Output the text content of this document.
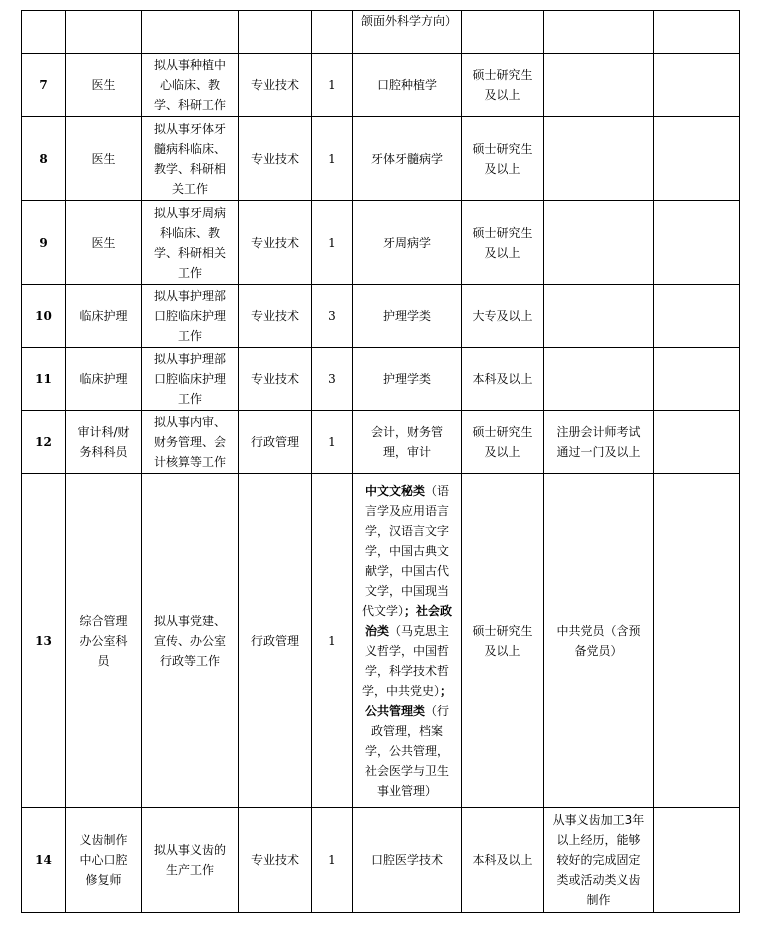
					颌面外科学方向）			
7	医生	拟从事种植中心临床、教学、科研工作	专业技术	1	口腔种植学	硕士研究生及以上		
8	医生	拟从事牙体牙髓病科临床、教学、科研相关工作	专业技术	1	牙体牙髓病学	硕士研究生及以上		
9	医生	拟从事牙周病科临床、教学、科研相关工作	专业技术	1	牙周病学	硕士研究生及以上		
10	临床护理	拟从事护理部口腔临床护理工作	专业技术	3	护理学类	大专及以上		
11	临床护理	拟从事护理部口腔临床护理工作	专业技术	3	护理学类	本科及以上		
12	审计科/财务科科员	拟从事内审、财务管理、会计核算等工作	行政管理	1	会计，财务管理，审计	硕士研究生及以上	注册会计师考试通过一门及以上	
13	综合管理办公室科员	拟从事党建、宣传、办公室行政等工作	行政管理	1	中文文秘类（语言学及应用语言学，汉语言文字学，中国古典文献学，中国古代文学，中国现当代文学）；社会政治类（马克思主义哲学，中国哲学，科学技术哲学，中共党史）；公共管理类（行政管理，档案学，公共管理，社会医学与卫生事业管理）	硕士研究生及以上	中共党员（含预备党员）	
14	义齿制作中心口腔修复师	拟从事义齿的生产工作	专业技术	1	口腔医学技术	本科及以上	从事义齿加工3年以上经历，能够较好的完成固定类或活动类义齿制作	
